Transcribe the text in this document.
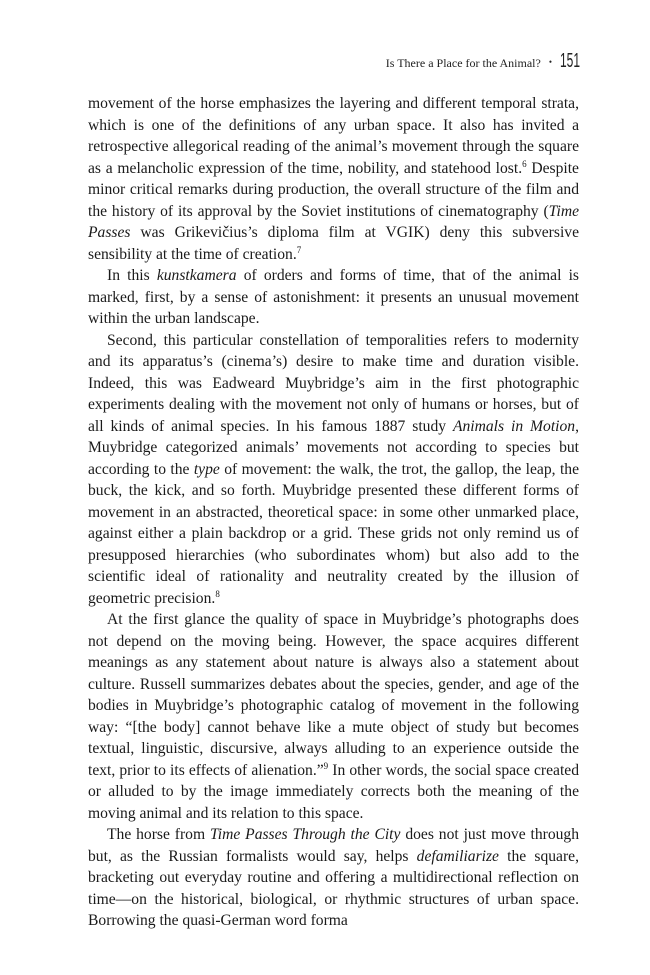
Is There a Place for the Animal? • 151

movement of the horse emphasizes the layering and different temporal strata, which is one of the definitions of any urban space. It also has invited a retrospective allegorical reading of the animal’s movement through the square as a melancholic expression of the time, nobility, and statehood lost.$^6$ Despite minor critical remarks during production, the overall structure of the film and the history of its approval by the Soviet institutions of cinematography (Time Passes was Grikevičius’s diploma film at VGIK) deny this subversive sensibility at the time of creation.$^7$

In this kunstkamera of orders and forms of time, that of the animal is marked, first, by a sense of astonishment: it presents an unusual movement within the urban landscape.

Second, this particular constellation of temporalities refers to modernity and its apparatus’s (cinema’s) desire to make time and duration visible. Indeed, this was Eadweard Muybridge’s aim in the first photographic experiments dealing with the movement not only of humans or horses, but of all kinds of animal species. In his famous 1887 study Animals in Motion, Muybridge categorized animals’ movements not according to species but according to the type of movement: the walk, the trot, the gallop, the leap, the buck, the kick, and so forth. Muybridge presented these different forms of movement in an abstracted, theoretical space: in some other unmarked place, against either a plain backdrop or a grid. These grids not only remind us of presupposed hierarchies (who subordinates whom) but also add to the scientific ideal of rationality and neutrality created by the illusion of geometric precision.$^8$

At the first glance the quality of space in Muybridge’s photographs does not depend on the moving being. However, the space acquires different meanings as any statement about nature is always also a statement about culture. Russell summarizes debates about the species, gender, and age of the bodies in Muybridge’s photographic catalog of movement in the following way: “[the body] cannot behave like a mute object of study but becomes textual, linguistic, discursive, always alluding to an experience outside the text, prior to its effects of alienation.”$^9$ In other words, the social space created or alluded to by the image immediately corrects both the meaning of the moving animal and its relation to this space.

The horse from Time Passes Through the City does not just move through but, as the Russian formalists would say, helps defamiliarize the square, bracketing out everyday routine and offering a multidirectional reflection on time—on the historical, biological, or rhythmic structures of urban space. Borrowing the quasi-German word forma
